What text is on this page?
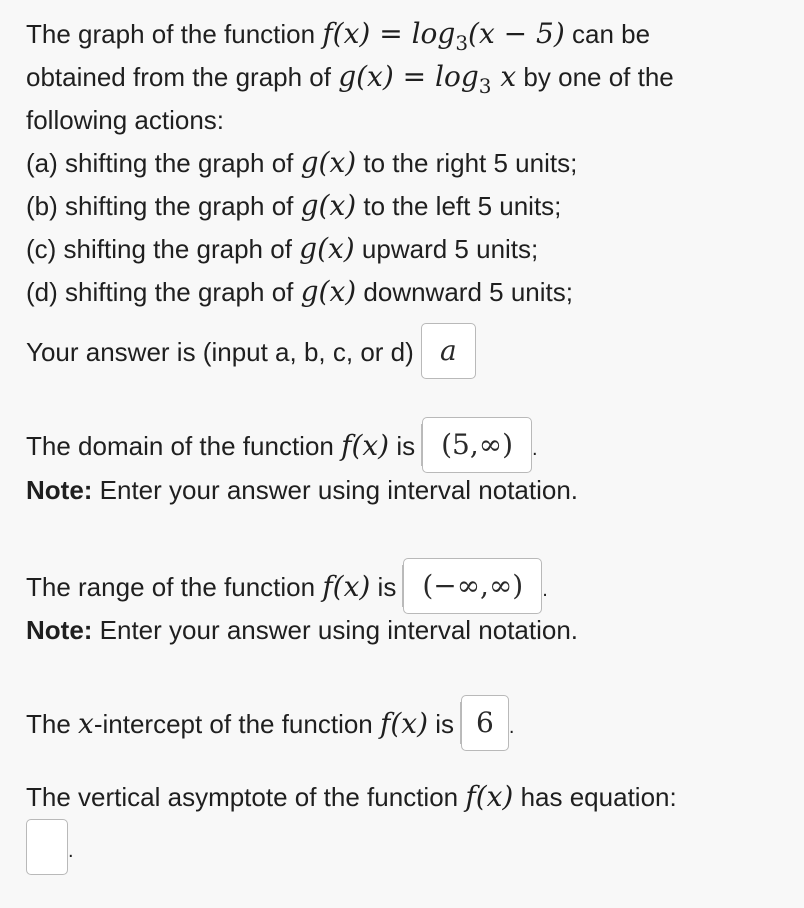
The graph of the function $f(x) = \log_3(x - 5)$ can be
obtained from the graph of $g(x) = \log_3 x$ by one of the
following actions:
(a) shifting the graph of g(x) to the right 5 units;
(b) shifting the graph of g(x) to the left 5 units;
(c) shifting the graph of g(x) upward 5 units;
(d) shifting the graph of g(x) downward 5 units;
Your answer is (input a, b, c, or d) a
The domain of the function f(x) is (5,∞) .
Note: Enter your answer using interval notation.
The range of the function f(x) is (−∞,∞) .
Note: Enter your answer using interval notation.
The x-intercept of the function f(x) is 6 .
The vertical asymptote of the function f(x) has equation:
.
